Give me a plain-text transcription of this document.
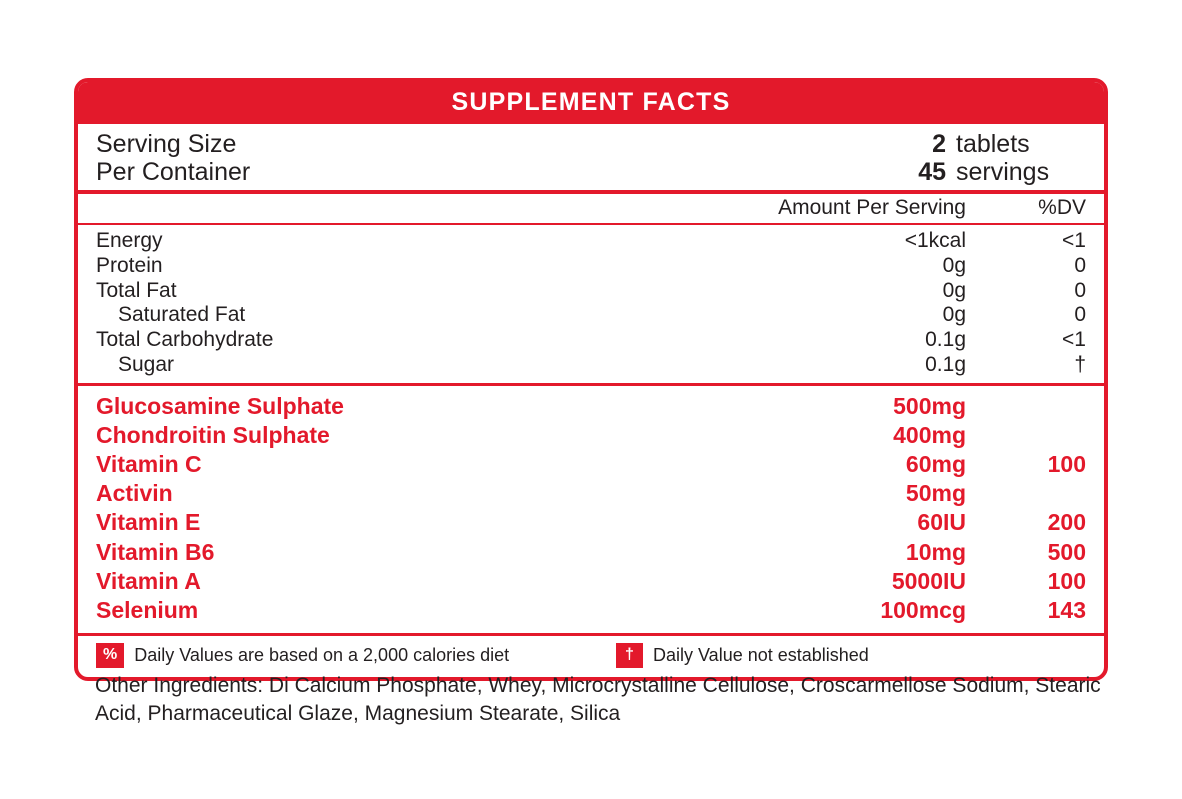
SUPPLEMENT FACTS
Serving Size	2 tablets
Per Container	45 servings
Amount Per Serving	%DV
Energy	<1kcal	<1
Protein	0g	0
Total Fat	0g	0
Saturated Fat	0g	0
Total Carbohydrate	0.1g	<1
Sugar	0.1g	†
Glucosamine Sulphate	500mg
Chondroitin Sulphate	400mg
Vitamin C	60mg	100
Activin	50mg
Vitamin E	60IU	200
Vitamin B6	10mg	500
Vitamin A	5000IU	100
Selenium	100mcg	143
% Daily Values are based on a 2,000 calories diet	†	Daily Value not established
Other Ingredients: Di Calcium Phosphate, Whey, Microcrystalline Cellulose, Croscarmellose Sodium, Stearic Acid, Pharmaceutical Glaze, Magnesium Stearate, Silica
